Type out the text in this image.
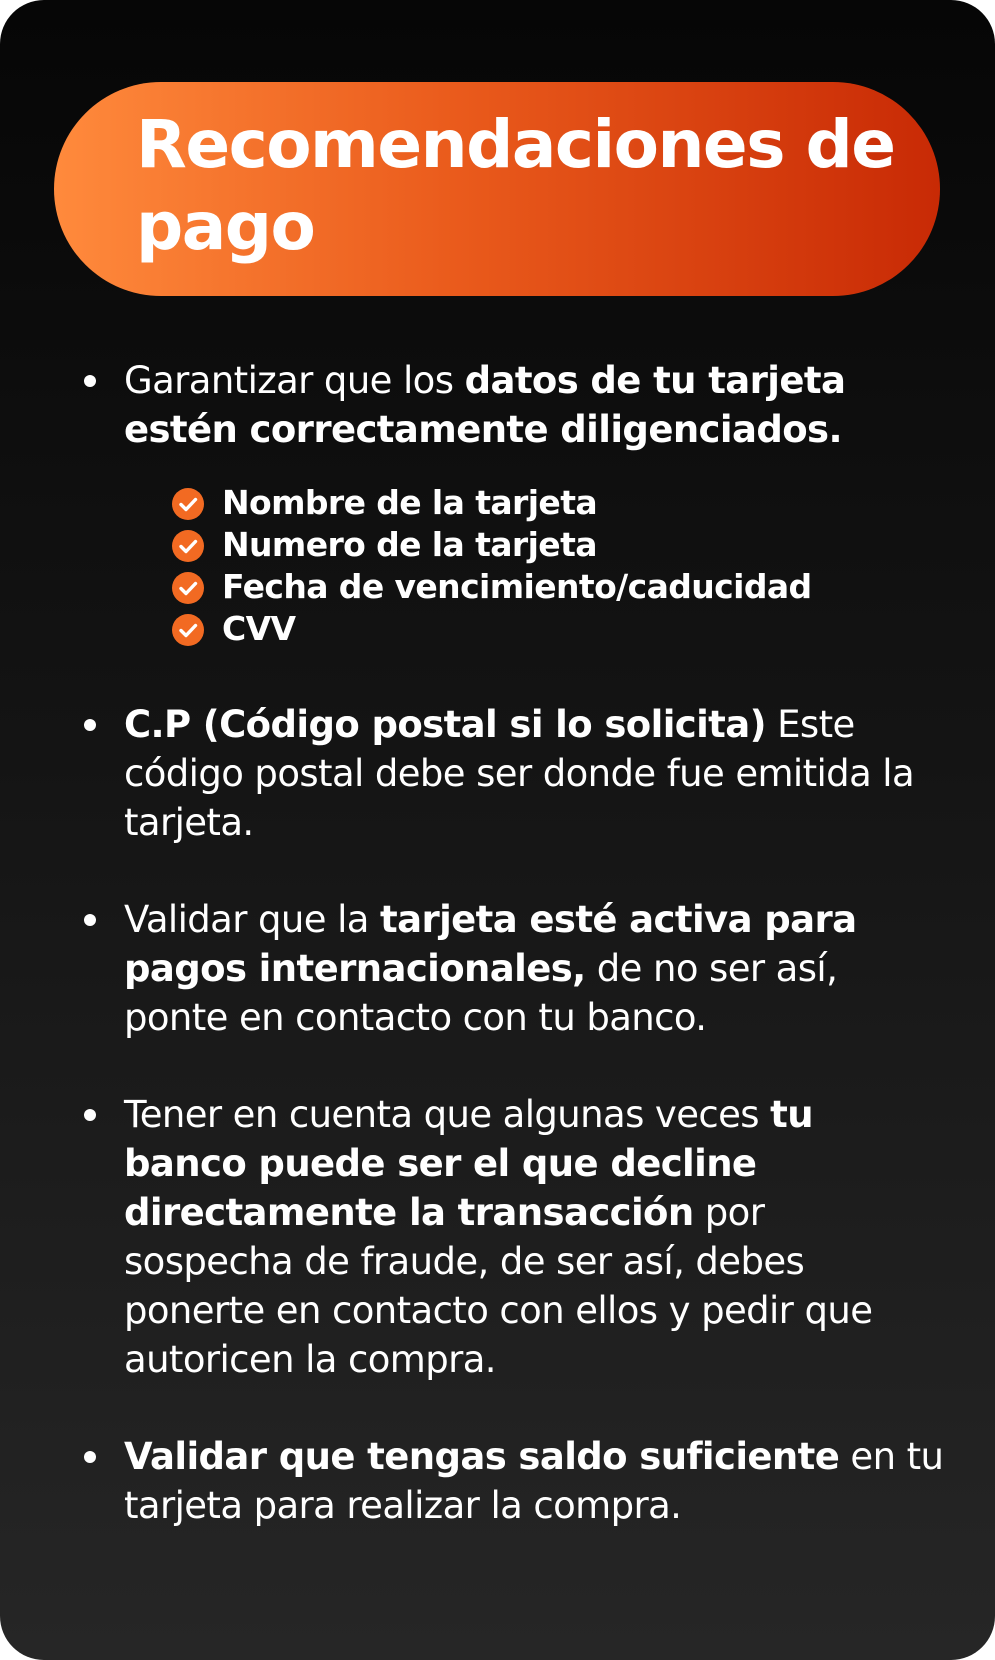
Recomendaciones de pago
Garantizar que los datos de tu tarjeta estén correctamente diligenciados.
C.P (Código postal si lo solicita) Este código postal debe ser donde fue emitida la tarjeta.
Validar que la tarjeta esté activa para pagos internacionales, de no ser así, ponte en contacto con tu banco.
Tener en cuenta que algunas veces tu banco puede ser el que decline directamente la transacción por sospecha de fraude, de ser así, debes ponerte en contacto con ellos y pedir que autoricen la compra.
Validar que tengas saldo suficiente en tu tarjeta para realizar la compra.
Nombre de la tarjeta
Numero de la tarjeta
Fecha de vencimiento/caducidad
CVV
